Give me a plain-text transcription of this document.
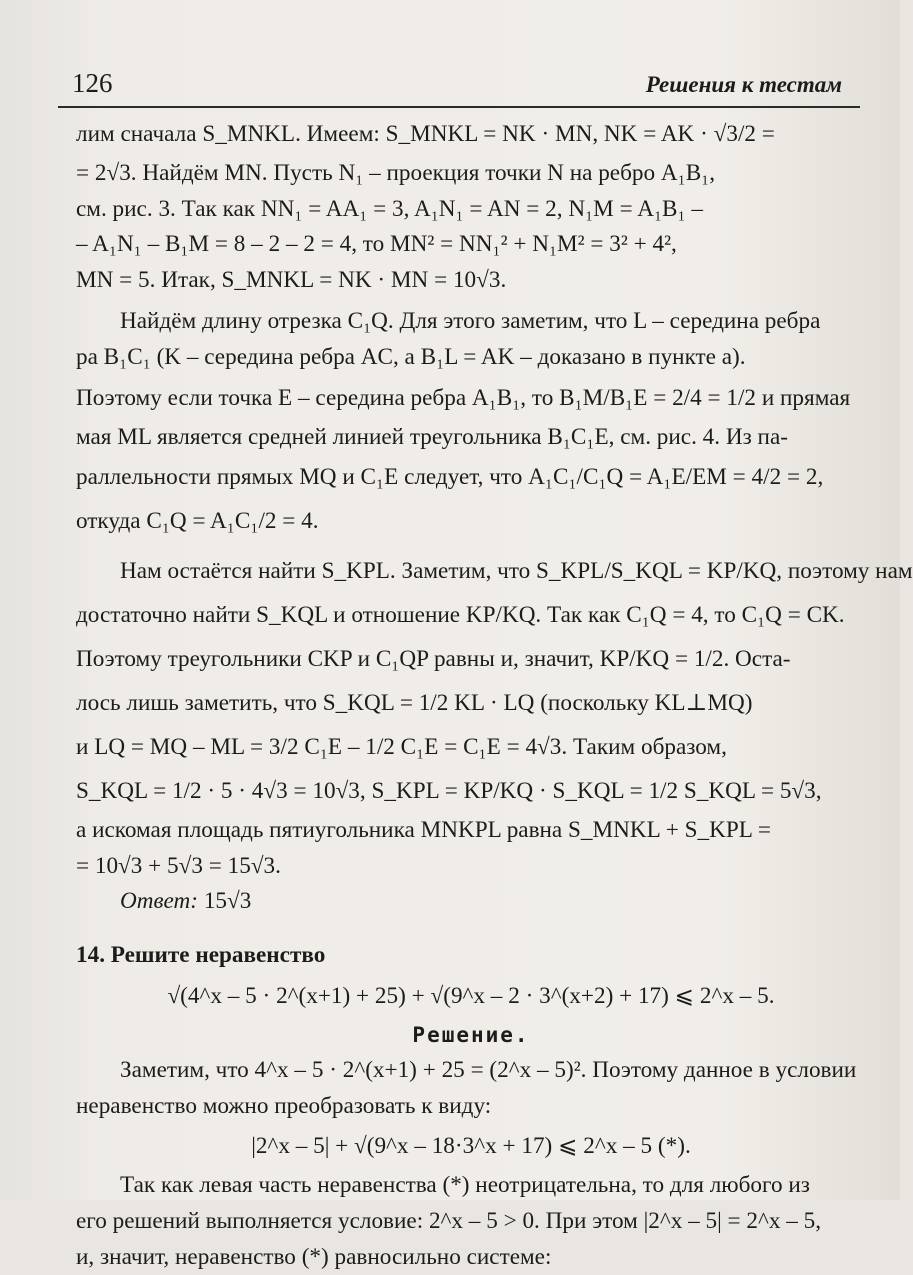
126	Решения к тестам
лим сначала S_MNKL. Имеем: S_MNKL = NK · MN, NK = AK · √3/2 =
= 2√3. Найдём MN. Пусть N₁ – проекция точки N на ребро A₁B₁,
см. рис. 3. Так как NN₁ = AA₁ = 3, A₁N₁ = AN = 2, N₁M = A₁B₁ –
– A₁N₁ – B₁M = 8 – 2 – 2 = 4, то MN² = NN₁² + N₁M² = 3² + 4²,
MN = 5. Итак, S_MNKL = NK · MN = 10√3.
Найдём длину отрезка C₁Q. Для этого заметим, что L – середина ребра
ра B₁C₁ (K – середина ребра AC, а B₁L = AK – доказано в пункте а).
Поэтому если точка E – середина ребра A₁B₁, то B₁M/B₁E = 2/4 = 1/2 и прямая
мая ML является средней линией треугольника B₁C₁E, см. рис. 4. Из па-
раллельности прямых MQ и C₁E следует, что A₁C₁/C₁Q = A₁E/EM = 4/2 = 2,
откуда C₁Q = A₁C₁/2 = 4.
Нам остаётся найти S_KPL. Заметим, что S_KPL/S_KQL = KP/KQ, поэтому нам
достаточно найти S_KQL и отношение KP/KQ. Так как C₁Q = 4, то C₁Q = CK.
Поэтому треугольники CKP и C₁QP равны и, значит, KP/KQ = 1/2. Оста-
лось лишь заметить, что S_KQL = 1/2 KL · LQ (поскольку KL⊥MQ)
и LQ = MQ – ML = 3/2 C₁E – 1/2 C₁E = C₁E = 4√3. Таким образом,
S_KQL = 1/2 · 5 · 4√3 = 10√3, S_KPL = KP/KQ · S_KQL = 1/2 S_KQL = 5√3,
а искомая площадь пятиугольника MNKPL равна S_MNKL + S_KPL =
= 10√3 + 5√3 = 15√3.
Ответ: 15√3
14. Решите неравенство
√(4^x – 5 · 2^(x+1) + 25) + √(9^x – 2 · 3^(x+2) + 17) ⩽ 2^x – 5.
Решение.
Заметим, что 4^x – 5 · 2^(x+1) + 25 = (2^x – 5)². Поэтому данное в условии
неравенство можно преобразовать к виду:
|2^x – 5| + √(9^x – 18·3^x + 17) ⩽ 2^x – 5 (*).
Так как левая часть неравенства (*) неотрицательна, то для любого из
его решений выполняется условие: 2^x – 5 > 0. При этом |2^x – 5| = 2^x – 5,
и, значит, неравенство (*) равносильно системе:
